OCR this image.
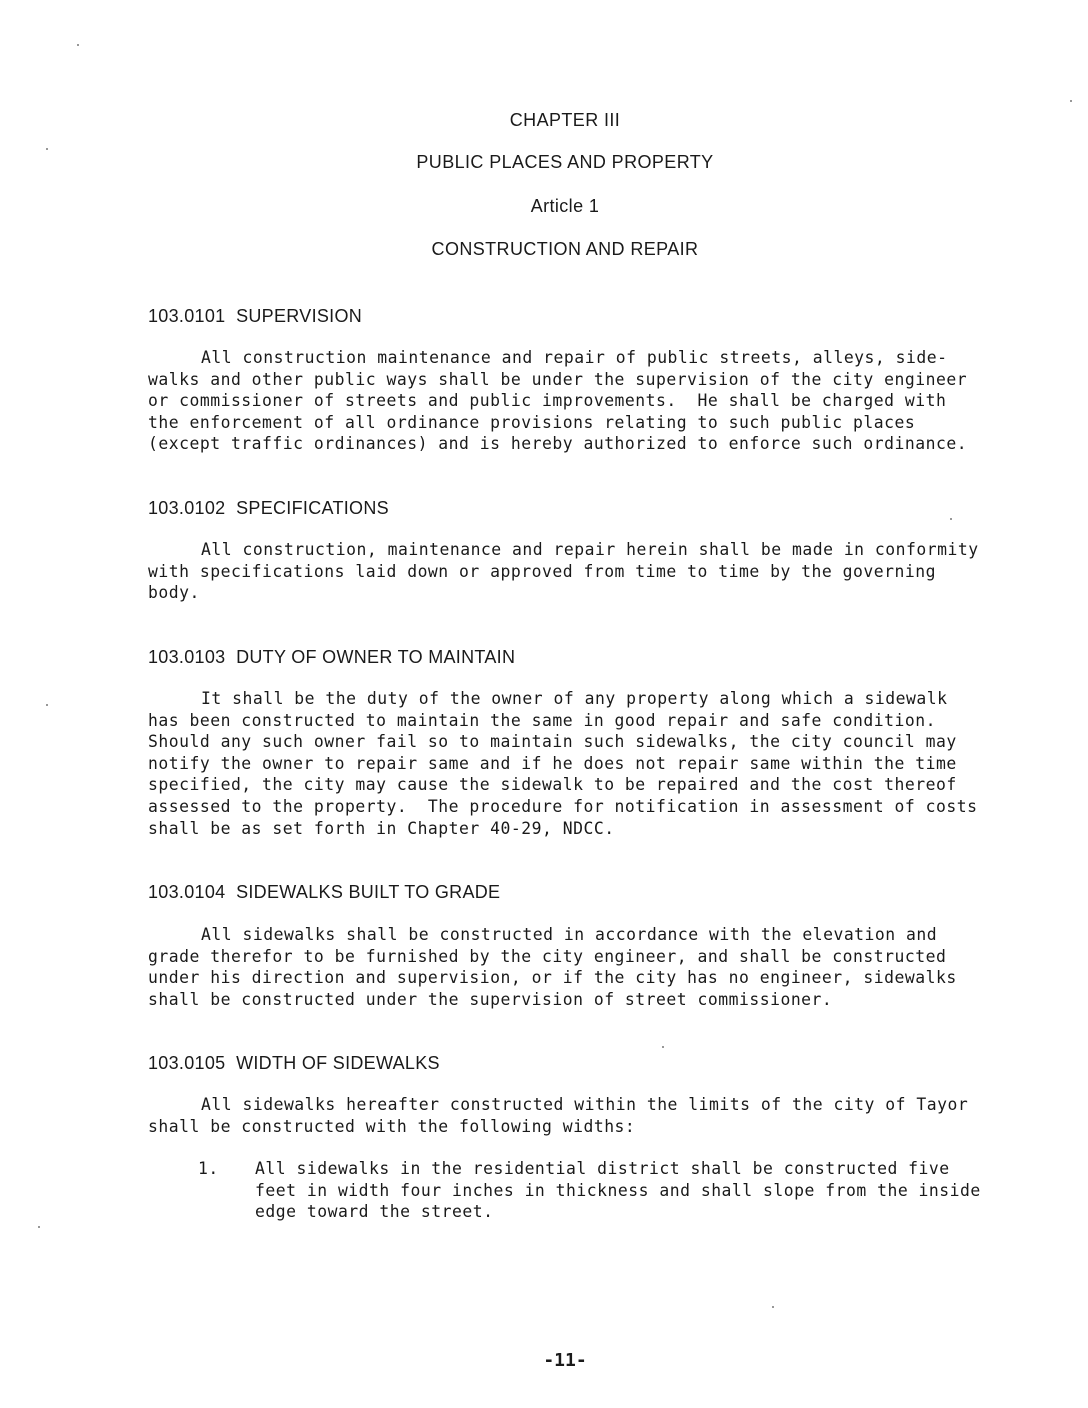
CHAPTER III
PUBLIC PLACES AND PROPERTY
Article 1
CONSTRUCTION AND REPAIR
103.0101  SUPERVISION
All construction maintenance and repair of public streets, alleys, side-
walks and other public ways shall be under the supervision of the city engineer
or commissioner of streets and public improvements.  He shall be charged with
the enforcement of all ordinance provisions relating to such public places
(except traffic ordinances) and is hereby authorized to enforce such ordinance.
103.0102  SPECIFICATIONS
All construction, maintenance and repair herein shall be made in conformity
with specifications laid down or approved from time to time by the governing
body.
103.0103  DUTY OF OWNER TO MAINTAIN
It shall be the duty of the owner of any property along which a sidewalk
has been constructed to maintain the same in good repair and safe condition.
Should any such owner fail so to maintain such sidewalks, the city council may
notify the owner to repair same and if he does not repair same within the time
specified, the city may cause the sidewalk to be repaired and the cost thereof
assessed to the property.  The procedure for notification in assessment of costs
shall be as set forth in Chapter 40-29, NDCC.
103.0104  SIDEWALKS BUILT TO GRADE
All sidewalks shall be constructed in accordance with the elevation and
grade therefor to be furnished by the city engineer, and shall be constructed
under his direction and supervision, or if the city has no engineer, sidewalks
shall be constructed under the supervision of street commissioner.
103.0105  WIDTH OF SIDEWALKS
All sidewalks hereafter constructed within the limits of the city of Tayor
shall be constructed with the following widths:
1. All sidewalks in the residential district shall be constructed five
feet in width four inches in thickness and shall slope from the inside
edge toward the street.
-11-
